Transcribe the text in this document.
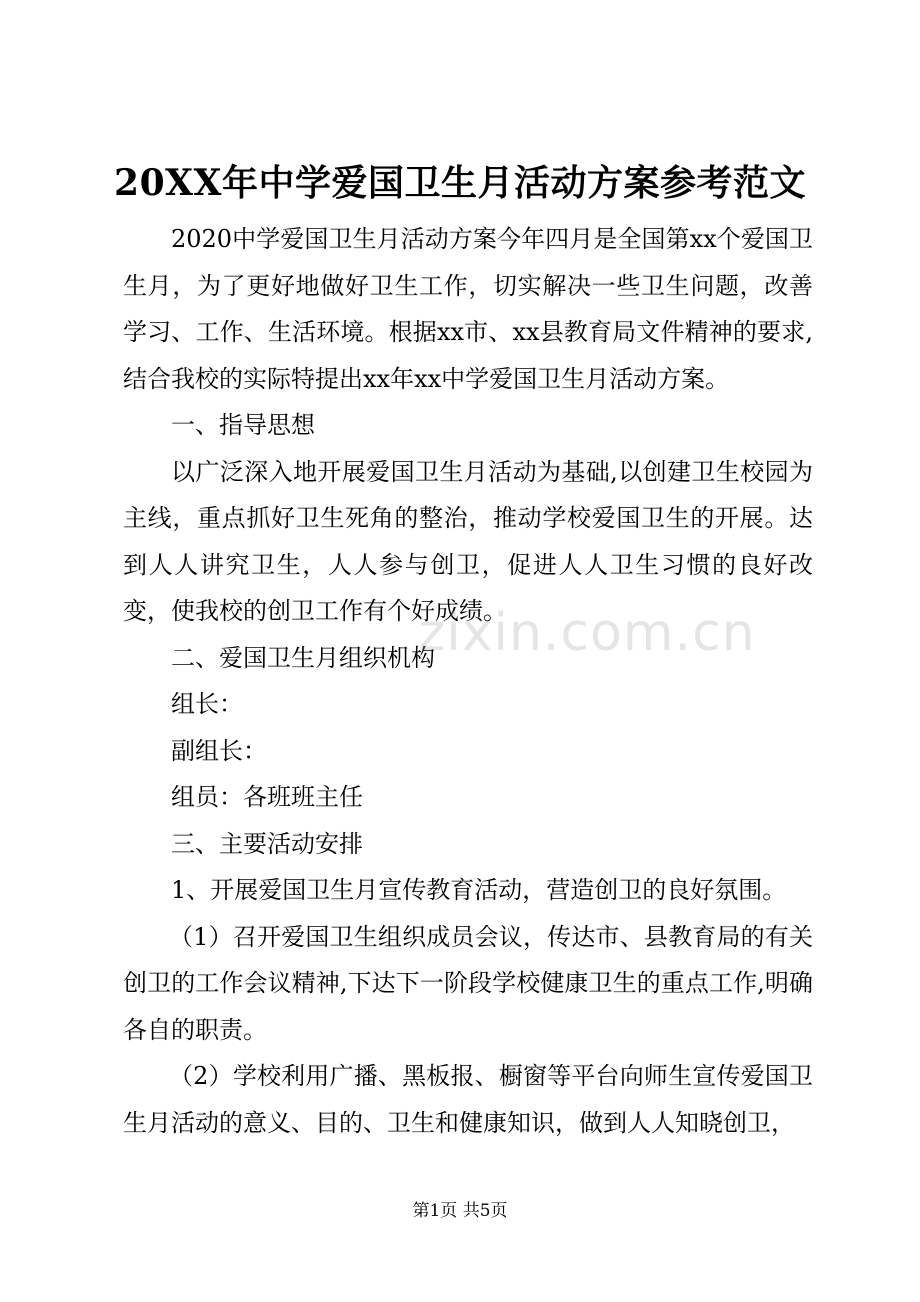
20XX年中学爱国卫生月活动方案参考范文

2020中学爱国卫生月活动方案今年四月是全国第xx个爱国卫生月，为了更好地做好卫生工作，切实解决一些卫生问题，改善学习、工作、生活环境。根据xx市、xx县教育局文件精神的要求,结合我校的实际特提出xx年xx中学爱国卫生月活动方案。

一、指导思想

以广泛深入地开展爱国卫生月活动为基础,以创建卫生校园为主线，重点抓好卫生死角的整治，推动学校爱国卫生的开展。达到人人讲究卫生，人人参与创卫，促进人人卫生习惯的良好改变，使我校的创卫工作有个好成绩。

二、爱国卫生月组织机构

组长：

副组长：

组员：各班班主任

三、主要活动安排

1、开展爱国卫生月宣传教育活动，营造创卫的良好氛围。

（1）召开爱国卫生组织成员会议，传达市、县教育局的有关创卫的工作会议精神,下达下一阶段学校健康卫生的重点工作,明确各自的职责。

（2）学校利用广播、黑板报、橱窗等平台向师生宣传爱国卫生月活动的意义、目的、卫生和健康知识，做到人人知晓创卫，

zixin.com.cn
第1页 共5页
